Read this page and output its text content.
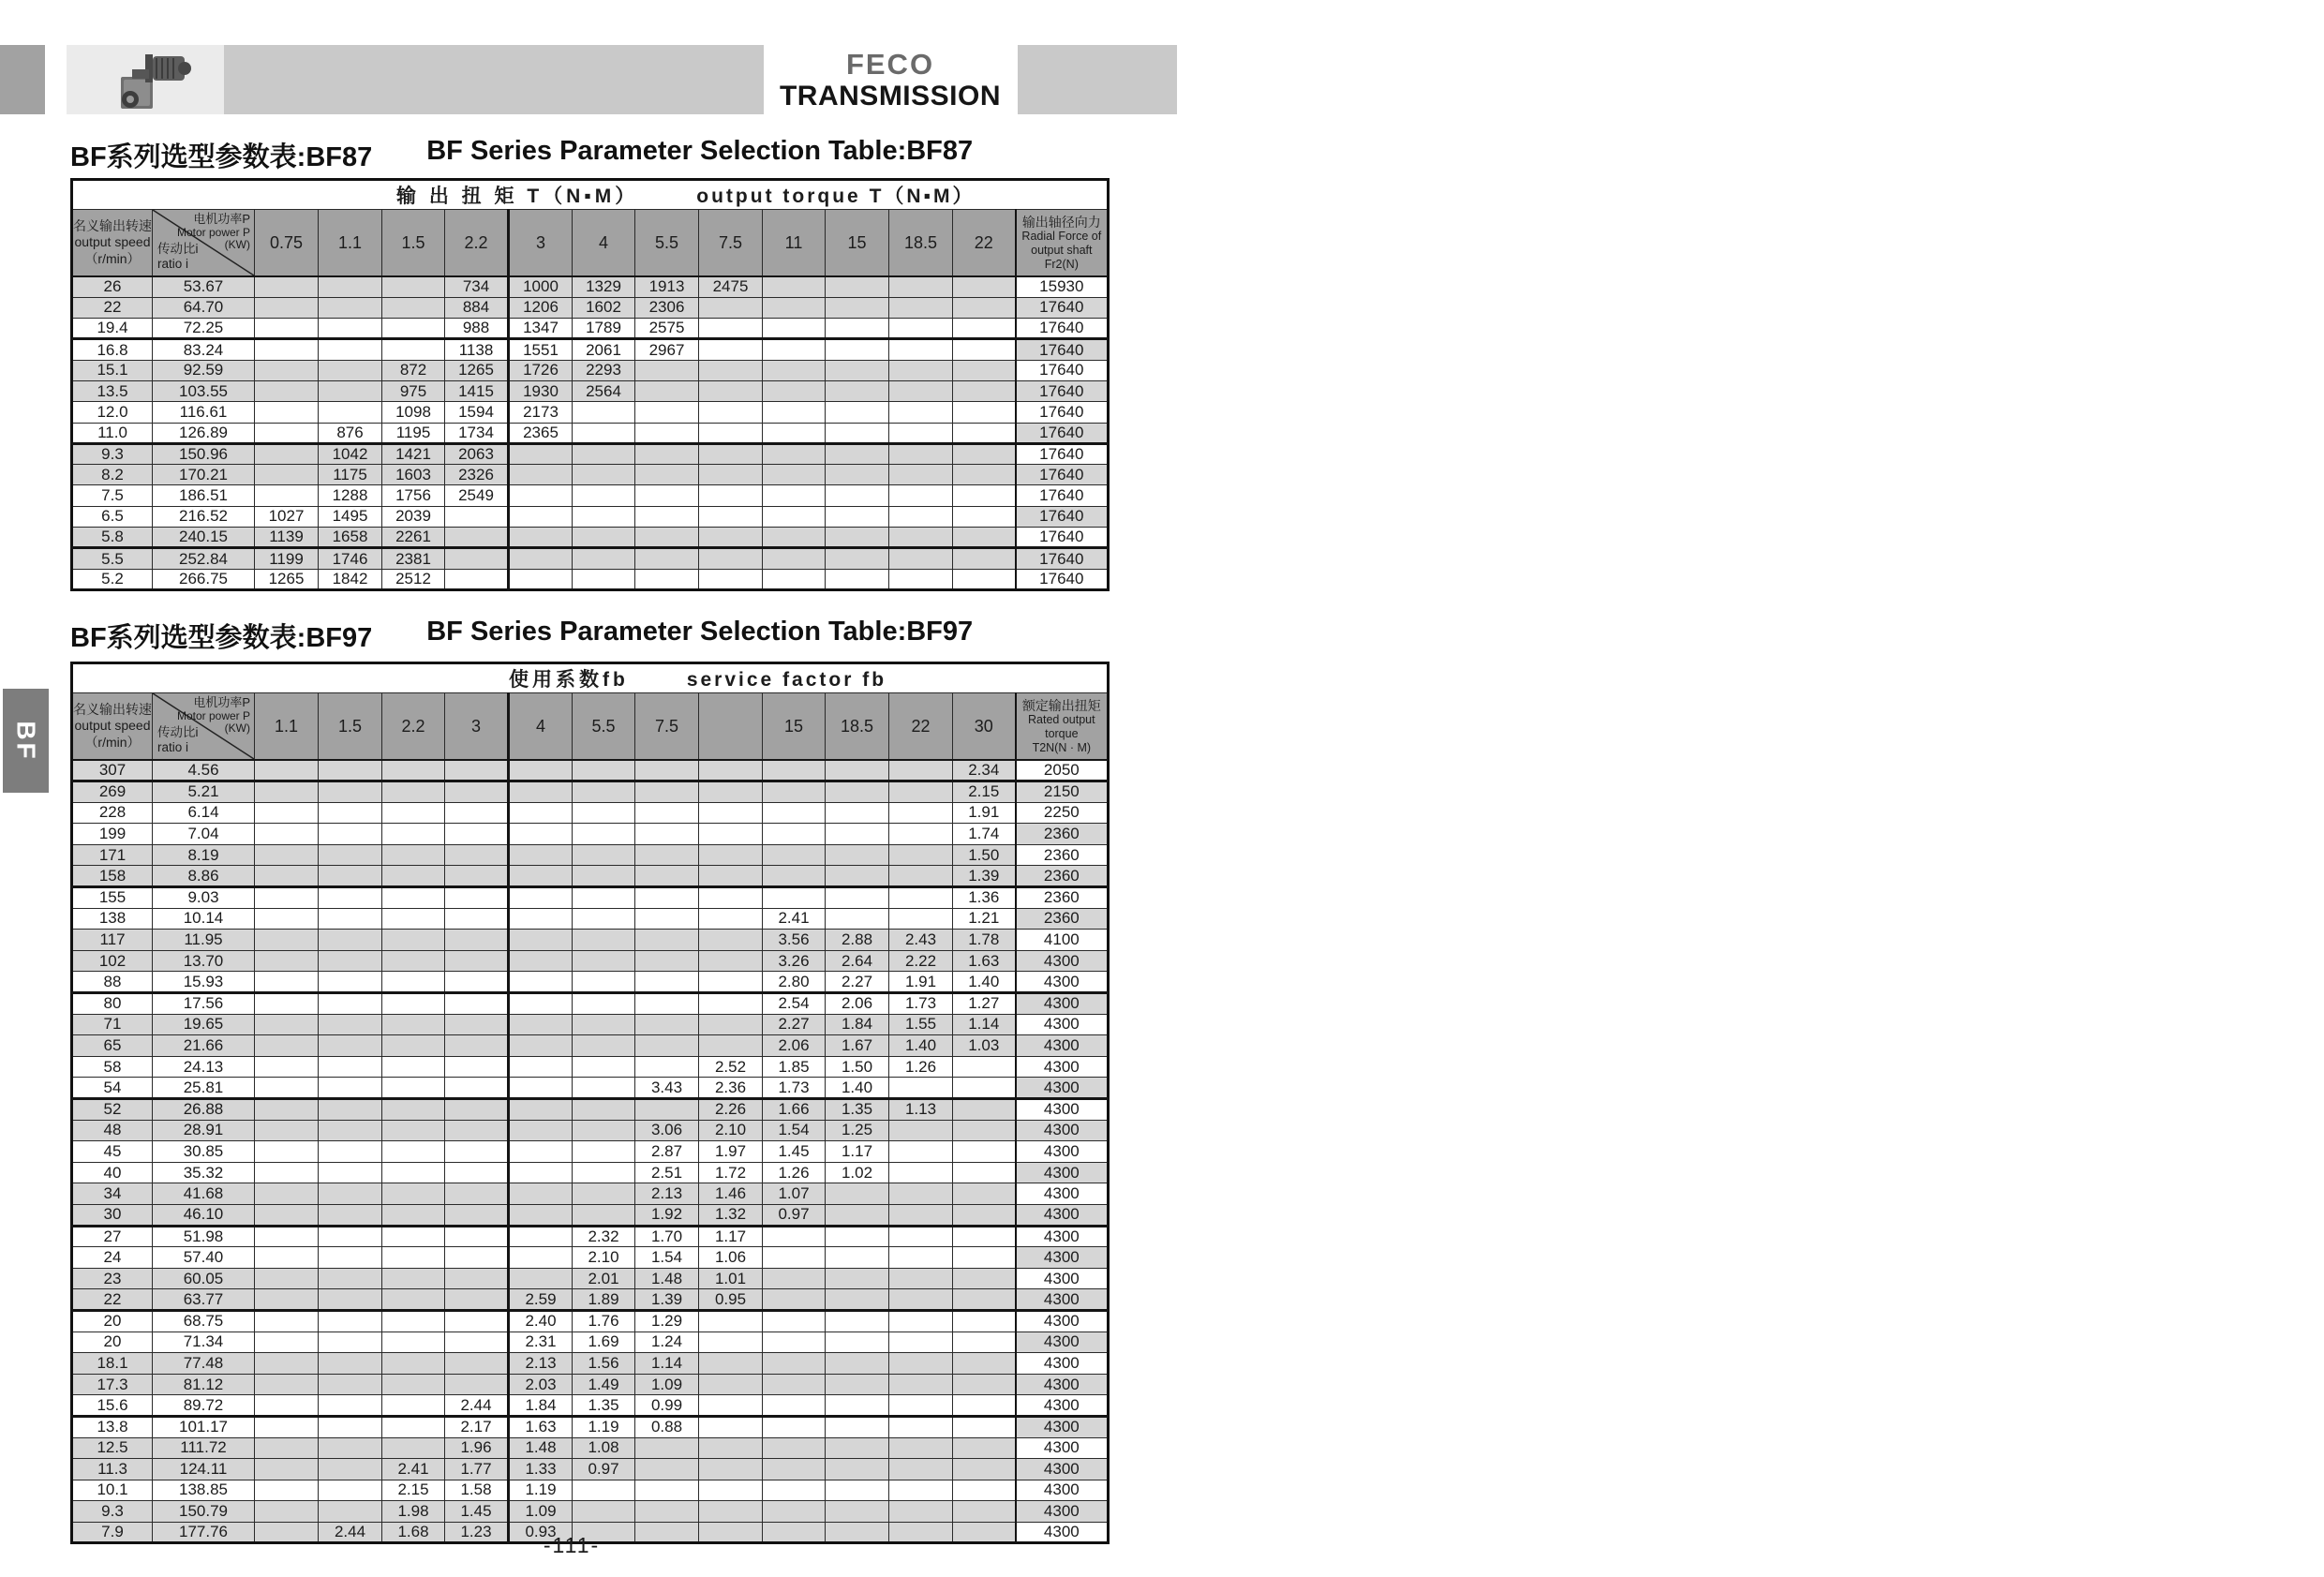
FECO
TRANSMISSION
BF
BF系列选型参数表:BF87 BF Series Parameter Selection Table:BF87
输 出 扭 矩 T（N▪M） output torque T（N▪M）														

名义输出转速
output speed
（r/min）

电机功率P
Motor power P
(KW)
传动比i
ratio i
	0.75	1.1	1.5	2.2	3	4	5.5	7.5	11	15	18.5	22	
输出轴径向力
Radial Force of
output shaft
Fr2(N)

26	53.67				734	1000	1329	1913	2475					15930
22	64.70				884	1206	1602	2306						17640
19.4	72.25				988	1347	1789	2575						17640
16.8	83.24				1138	1551	2061	2967						17640
15.1	92.59			872	1265	1726	2293							17640
13.5	103.55			975	1415	1930	2564							17640
12.0	116.61			1098	1594	2173								17640
11.0	126.89		876	1195	1734	2365								17640
9.3	150.96		1042	1421	2063									17640
8.2	170.21		1175	1603	2326									17640
7.5	186.51		1288	1756	2549									17640
6.5	216.52	1027	1495	2039										17640
5.8	240.15	1139	1658	2261										17640
5.5	252.84	1199	1746	2381										17640
5.2	266.75	1265	1842	2512										17640
BF系列选型参数表:BF97 BF Series Parameter Selection Table:BF97
使用系数fb service factor fb														

名义输出转速
output speed
（r/min）

电机功率P
Motor power P
(KW)
传动比i
ratio i
	1.1	1.5	2.2	3	4	5.5	7.5		15	18.5	22	30	
额定输出扭矩
Rated output
torque
T2N(N · M)

307	4.56												2.34	2050
269	5.21												2.15	2150
228	6.14												1.91	2250
199	7.04												1.74	2360
171	8.19												1.50	2360
158	8.86												1.39	2360
155	9.03												1.36	2360
138	10.14									2.41			1.21	2360
117	11.95									3.56	2.88	2.43	1.78	4100
102	13.70									3.26	2.64	2.22	1.63	4300
88	15.93									2.80	2.27	1.91	1.40	4300
80	17.56									2.54	2.06	1.73	1.27	4300
71	19.65									2.27	1.84	1.55	1.14	4300
65	21.66									2.06	1.67	1.40	1.03	4300
58	24.13								2.52	1.85	1.50	1.26		4300
54	25.81							3.43	2.36	1.73	1.40			4300
52	26.88								2.26	1.66	1.35	1.13		4300
48	28.91							3.06	2.10	1.54	1.25			4300
45	30.85							2.87	1.97	1.45	1.17			4300
40	35.32							2.51	1.72	1.26	1.02			4300
34	41.68							2.13	1.46	1.07				4300
30	46.10							1.92	1.32	0.97				4300
27	51.98						2.32	1.70	1.17					4300
24	57.40						2.10	1.54	1.06					4300
23	60.05						2.01	1.48	1.01					4300
22	63.77					2.59	1.89	1.39	0.95					4300
20	68.75					2.40	1.76	1.29						4300
20	71.34					2.31	1.69	1.24						4300
18.1	77.48					2.13	1.56	1.14						4300
17.3	81.12					2.03	1.49	1.09						4300
15.6	89.72				2.44	1.84	1.35	0.99						4300
13.8	101.17				2.17	1.63	1.19	0.88						4300
12.5	111.72				1.96	1.48	1.08							4300
11.3	124.11			2.41	1.77	1.33	0.97							4300
10.1	138.85			2.15	1.58	1.19								4300
9.3	150.79			1.98	1.45	1.09								4300
7.9	177.76		2.44	1.68	1.23	0.93								4300
-111-
